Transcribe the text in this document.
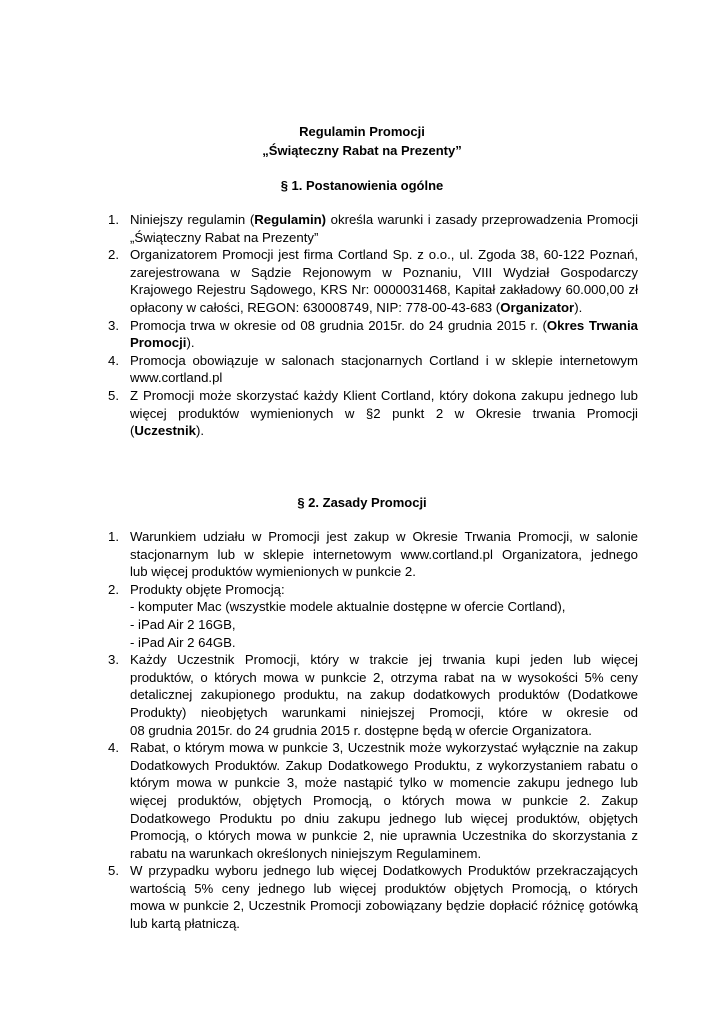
Regulamin Promocji
„Świąteczny Rabat na Prezenty”
§ 1. Postanowienia ogólne
1. Niniejszy regulamin (Regulamin) określa warunki i zasady przeprowadzenia Promocji
„Świąteczny Rabat na Prezenty”
2. Organizatorem Promocji jest firma Cortland Sp. z o.o., ul. Zgoda 38, 60-122 Poznań,
zarejestrowana w Sądzie Rejonowym w Poznaniu, VIII Wydział Gospodarczy
Krajowego Rejestru Sądowego, KRS Nr: 0000031468, Kapitał zakładowy 60.000,00 zł
opłacony w całości, REGON: 630008749, NIP: 778-00-43-683 (Organizator).
3. Promocja trwa w okresie od 08 grudnia 2015r. do 24 grudnia 2015 r. (Okres Trwania
Promocji).
4. Promocja obowiązuje w salonach stacjonarnych Cortland i w sklepie internetowym
www.cortland.pl
5. Z Promocji może skorzystać każdy Klient Cortland, który dokona zakupu jednego lub
więcej produktów wymienionych w §2 punkt 2 w Okresie trwania Promocji
(Uczestnik).
§ 2. Zasady Promocji
1. Warunkiem udziału w Promocji jest zakup w Okresie Trwania Promocji, w salonie
stacjonarnym lub w sklepie internetowym www.cortland.pl Organizatora, jednego
lub więcej produktów wymienionych w punkcie 2.
2. Produkty objęte Promocją:
- komputer Mac (wszystkie modele aktualnie dostępne w ofercie Cortland),
- iPad Air 2 16GB,
- iPad Air 2 64GB.
3. Każdy Uczestnik Promocji, który w trakcie jej trwania kupi jeden lub więcej
produktów, o których mowa w punkcie 2, otrzyma rabat na w wysokości 5% ceny
detalicznej zakupionego produktu, na zakup dodatkowych produktów (Dodatkowe
Produkty) nieobjętych warunkami niniejszej Promocji, które w okresie od
08 grudnia 2015r. do 24 grudnia 2015 r. dostępne będą w ofercie Organizatora.
4. Rabat, o którym mowa w punkcie 3, Uczestnik może wykorzystać wyłącznie na zakup
Dodatkowych Produktów. Zakup Dodatkowego Produktu, z wykorzystaniem rabatu o
którym mowa w punkcie 3, może nastąpić tylko w momencie zakupu jednego lub
więcej produktów, objętych Promocją, o których mowa w punkcie 2. Zakup
Dodatkowego Produktu po dniu zakupu jednego lub więcej produktów, objętych
Promocją, o których mowa w punkcie 2, nie uprawnia Uczestnika do skorzystania z
rabatu na warunkach określonych niniejszym Regulaminem.
5. W przypadku wyboru jednego lub więcej Dodatkowych Produktów przekraczających
wartością 5% ceny jednego lub więcej produktów objętych Promocją, o których
mowa w punkcie 2, Uczestnik Promocji zobowiązany będzie dopłacić różnicę gotówką
lub kartą płatniczą.
